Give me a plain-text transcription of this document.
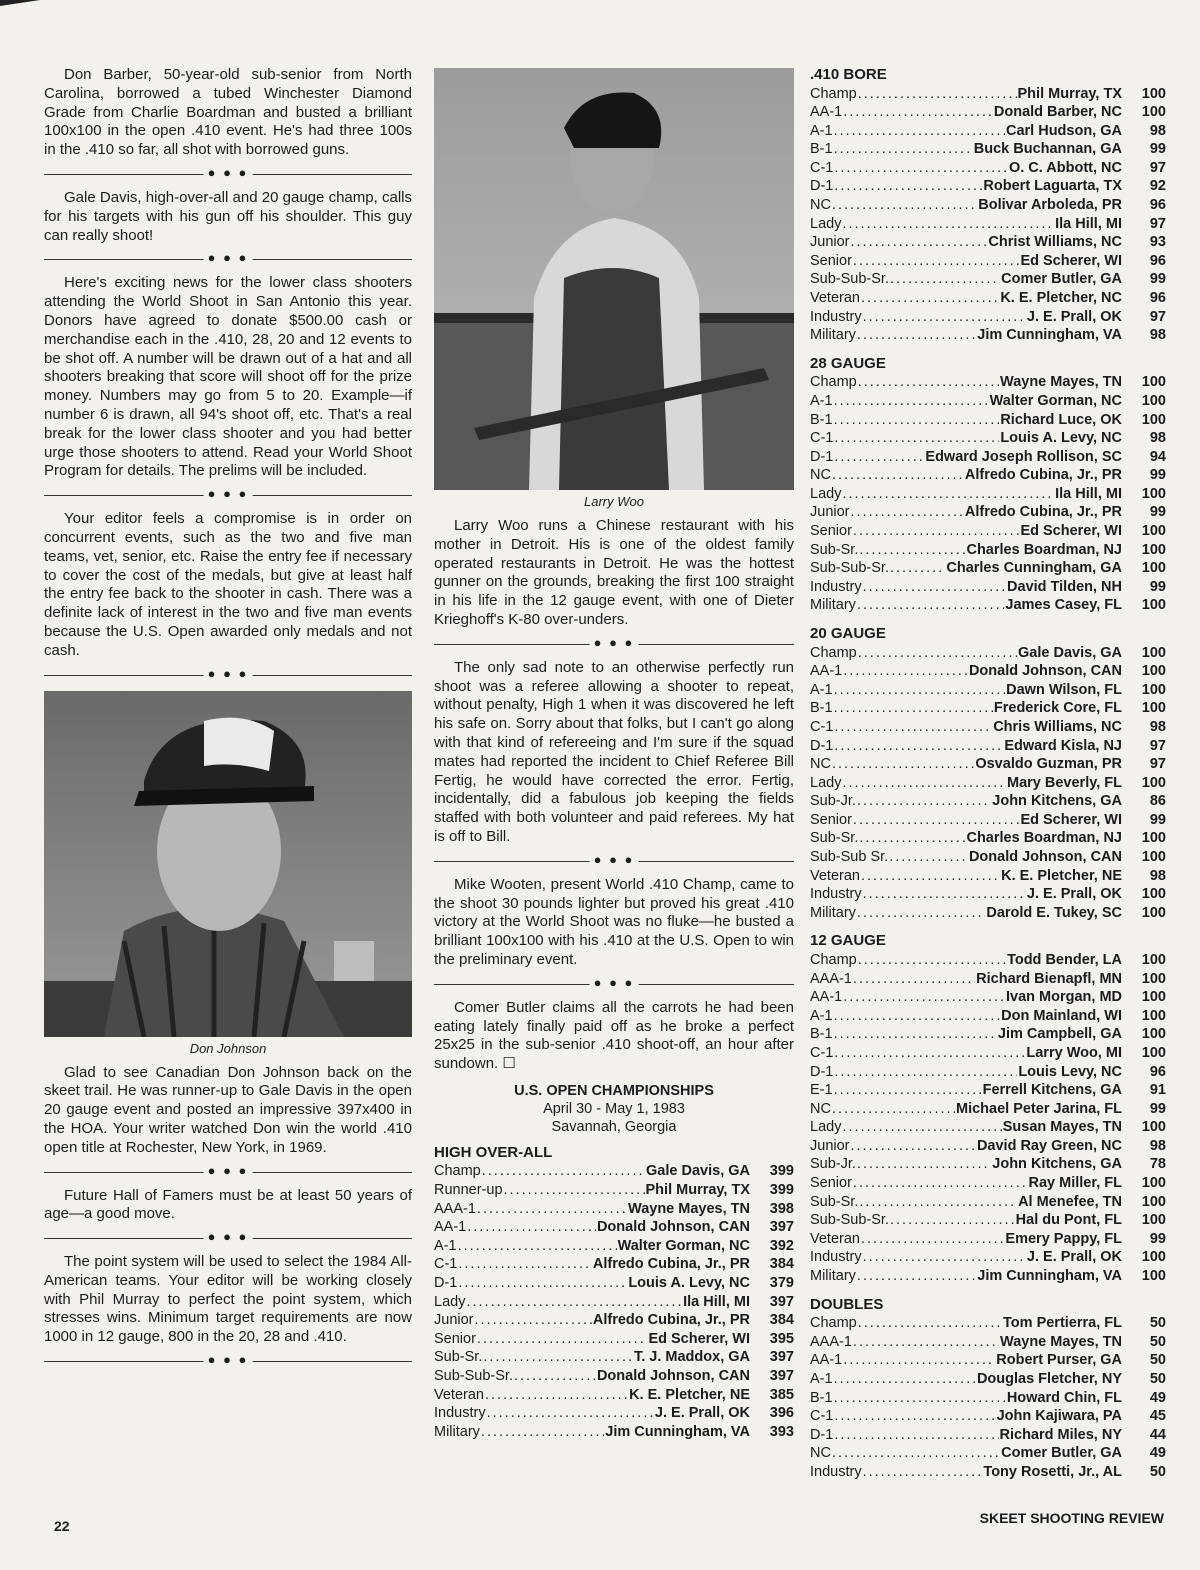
Don Barber, 50-year-old sub-senior from North Carolina, borrowed a tubed Winchester Diamond Grade from Charlie Boardman and busted a brilliant 100x100 in the open .410 event. He's had three 100s in the .410 so far, all shot with borrowed guns.

● ● ●

Gale Davis, high-over-all and 20 gauge champ, calls for his targets with his gun off his shoulder. This guy can really shoot!

● ● ●

Here's exciting news for the lower class shooters attending the World Shoot in San Antonio this year. Donors have agreed to donate $500.00 cash or merchandise each in the .410, 28, 20 and 12 events to be shot off. A number will be drawn out of a hat and all shooters breaking that score will shoot off for the prize money. Numbers may go from 5 to 20. Example—if number 6 is drawn, all 94's shoot off, etc. That's a real break for the lower class shooter and you had better urge those shooters to attend. Read your World Shoot Program for details. The prelims will be included.

● ● ●

Your editor feels a compromise is in order on concurrent events, such as the two and five man teams, vet, senior, etc. Raise the entry fee if necessary to cover the cost of the medals, but give at least half the entry fee back to the shooter in cash. There was a definite lack of interest in the two and five man events because the U.S. Open awarded only medals and not cash.

● ● ●
Don Johnson

Glad to see Canadian Don Johnson back on the skeet trail. He was runner-up to Gale Davis in the open 20 gauge event and posted an impressive 397x400 in the HOA. Your writer watched Don win the world .410 open title at Rochester, New York, in 1969.

● ● ●

Future Hall of Famers must be at least 50 years of age—a good move.

● ● ●

The point system will be used to select the 1984 All-American teams. Your editor will be working closely with Phil Murray to perfect the point system, which stresses wins. Minimum target requirements are now 1000 in 12 gauge, 800 in the 20, 28 and .410.

● ● ●
Larry Woo

Larry Woo runs a Chinese restaurant with his mother in Detroit. His is one of the oldest family operated restaurants in Detroit. He was the hottest gunner on the grounds, breaking the first 100 straight in his life in the 12 gauge event, with one of Dieter Krieghoff's K-80 over-unders.

● ● ●

The only sad note to an otherwise perfectly run shoot was a referee allowing a shooter to repeat, without penalty, High 1 when it was discovered he left his safe on. Sorry about that folks, but I can't go along with that kind of refereeing and I'm sure if the squad mates had reported the incident to Chief Referee Bill Fertig, he would have corrected the error. Fertig, incidentally, did a fabulous job keeping the fields staffed with both volunteer and paid referees. My hat is off to Bill.

● ● ●

Mike Wooten, present World .410 Champ, came to the shoot 30 pounds lighter but proved his great .410 victory at the World Shoot was no fluke—he busted a brilliant 100x100 with his .410 at the U.S. Open to win the preliminary event.

● ● ●

Comer Butler claims all the carrots he had been eating lately finally paid off as he broke a perfect 25x25 in the sub-senior .410 shoot-off, an hour after sundown. ☐

U.S. OPEN CHAMPIONSHIPS
April 30 - May 1, 1983
Savannah, Georgia
HIGH OVER-ALL
Champ .....	Gale Davis, GA	399
Runner-up .....	Phil Murray, TX	399
AAA-1 .....	Wayne Mayes, TN	398
AA-1 .....	Donald Johnson, CAN	397
A-1 .....	Walter Gorman, NC	392
C-1 .....	Alfredo Cubina, Jr., PR	384
D-1 .....	Louis A. Levy, NC	379
Lady .....	Ila Hill, MI	397
Junior .....	Alfredo Cubina, Jr., PR	384
Senior .....	Ed Scherer, WI	395
Sub-Sr. .....	T. J. Maddox, GA	397
Sub-Sub-Sr. .....	Donald Johnson, CAN	397
Veteran .....	K. E. Pletcher, NE	385
Industry .....	J. E. Prall, OK	396
Military .....	Jim Cunningham, VA	393
.410 BORE
Champ .....	Phil Murray, TX	100
AA-1 .....	Donald Barber, NC	100
A-1 .....	Carl Hudson, GA	98
B-1 .....	Buck Buchannan, GA	99
C-1 .....	O. C. Abbott, NC	97
D-1 .....	Robert Laguarta, TX	92
NC .....	Bolivar Arboleda, PR	96
Lady .....	Ila Hill, MI	97
Junior .....	Christ Williams, NC	93
Senior .....	Ed Scherer, WI	96
Sub-Sub-Sr. .....	Comer Butler, GA	99
Veteran .....	K. E. Pletcher, NC	96
Industry .....	J. E. Prall, OK	97
Military .....	Jim Cunningham, VA	98
28 GAUGE
Champ .....	Wayne Mayes, TN	100
A-1 .....	Walter Gorman, NC	100
B-1 .....	Richard Luce, OK	100
C-1 .....	Louis A. Levy, NC	98
D-1 .....	Edward Joseph Rollison, SC	94
NC .....	Alfredo Cubina, Jr., PR	99
Lady .....	Ila Hill, MI	100
Junior .....	Alfredo Cubina, Jr., PR	99
Senior .....	Ed Scherer, WI	100
Sub-Sr. .....	Charles Boardman, NJ	100
Sub-Sub-Sr. .....	Charles Cunningham, GA	100
Industry .....	David Tilden, NH	99
Military .....	James Casey, FL	100
20 GAUGE
Champ .....	Gale Davis, GA	100
AA-1 .....	Donald Johnson, CAN	100
A-1 .....	Dawn Wilson, FL	100
B-1 .....	Frederick Core, FL	100
C-1 .....	Chris Williams, NC	98
D-1 .....	Edward Kisla, NJ	97
NC .....	Osvaldo Guzman, PR	97
Lady .....	Mary Beverly, FL	100
Sub-Jr. .....	John Kitchens, GA	86
Senior .....	Ed Scherer, WI	99
Sub-Sr. .....	Charles Boardman, NJ	100
Sub-Sub Sr. .....	Donald Johnson, CAN	100
Veteran .....	K. E. Pletcher, NE	98
Industry .....	J. E. Prall, OK	100
Military .....	Darold E. Tukey, SC	100
12 GAUGE
Champ .....	Todd Bender, LA	100
AAA-1 .....	Richard Bienapfl, MN	100
AA-1 .....	Ivan Morgan, MD	100
A-1 .....	Don Mainland, WI	100
B-1 .....	Jim Campbell, GA	100
C-1 .....	Larry Woo, MI	100
D-1 .....	Louis Levy, NC	96
E-1 .....	Ferrell Kitchens, GA	91
NC .....	Michael Peter Jarina, FL	99
Lady .....	Susan Mayes, TN	100
Junior .....	David Ray Green, NC	98
Sub-Jr. .....	John Kitchens, GA	78
Senior .....	Ray Miller, FL	100
Sub-Sr. .....	Al Menefee, TN	100
Sub-Sub-Sr. .....	Hal du Pont, FL	100
Veteran .....	Emery Pappy, FL	99
Industry .....	J. E. Prall, OK	100
Military .....	Jim Cunningham, VA	100
DOUBLES
Champ .....	Tom Pertierra, FL	50
AAA-1 .....	Wayne Mayes, TN	50
AA-1 .....	Robert Purser, GA	50
A-1 .....	Douglas Fletcher, NY	50
B-1 .....	Howard Chin, FL	49
C-1 .....	John Kajiwara, PA	45
D-1 .....	Richard Miles, NY	44
NC .....	Comer Butler, GA	49
Industry .....	Tony Rosetti, Jr., AL	50
22	SKEET SHOOTING REVIEW
